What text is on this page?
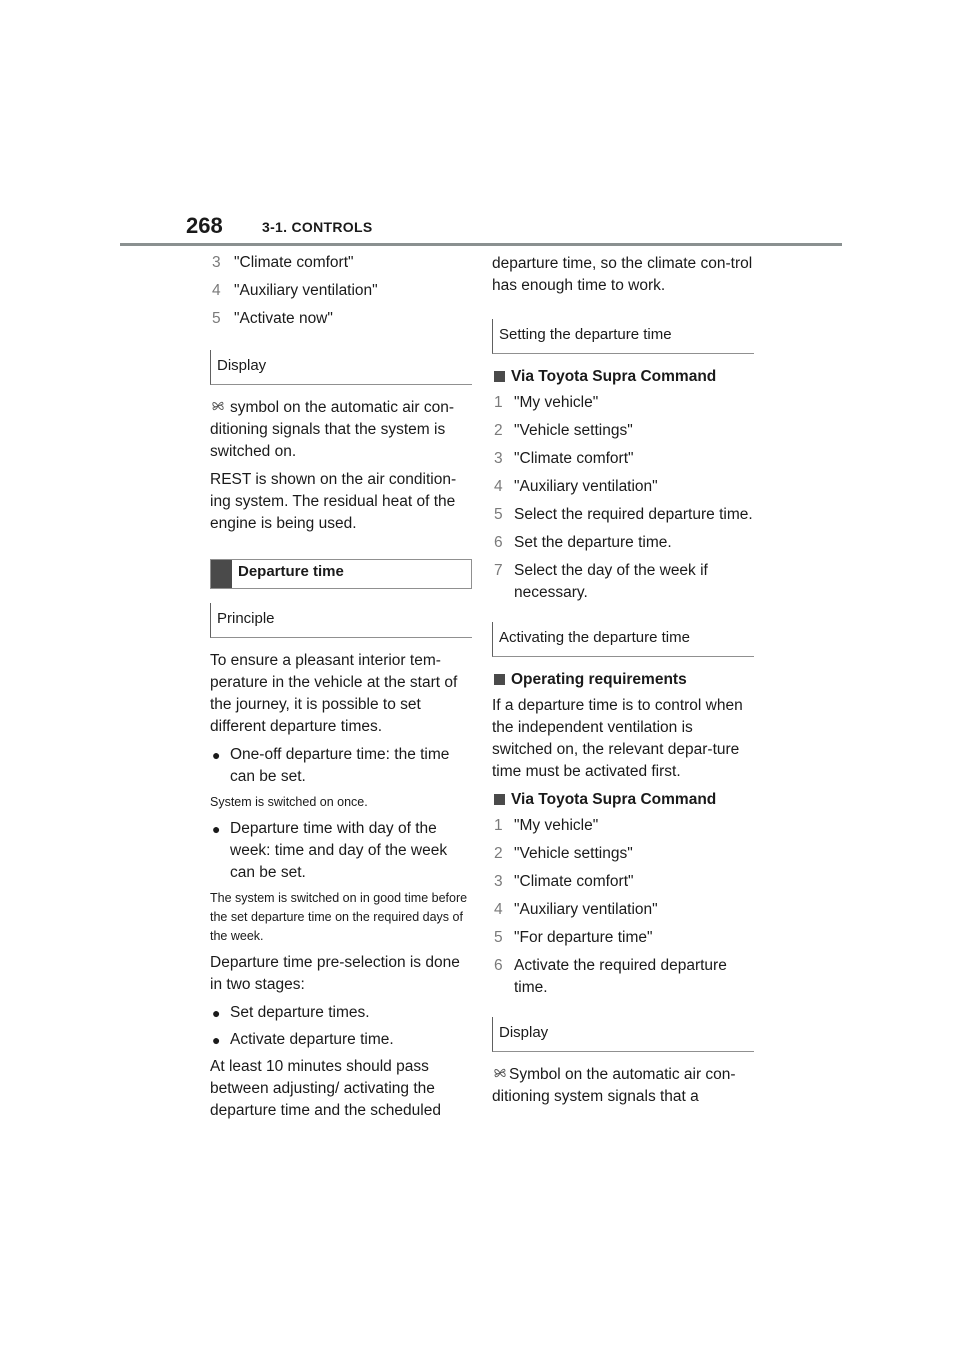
268	3-1. CONTROLS
3 "Climate comfort"
4 "Auxiliary ventilation"
5 "Activate now"
Display

symbol on the automatic air con-ditioning signals that the system is switched on.

REST is shown on the air condition-ing system. The residual heat of the engine is being used.

Departure time
Principle

To ensure a pleasant interior tem-perature in the vehicle at the start of the journey, it is possible to set different departure times.

● One-off departure time: the time can be set.

System is switched on once.

● Departure time with day of the week: time and day of the week can be set.

The system is switched on in good time before the set departure time on the required days of the week.

Departure time pre-selection is done in two stages:

● Set departure times.
● Activate departure time.

At least 10 minutes should pass between adjusting/ activating the departure time and the scheduled

departure time, so the climate con-trol has enough time to work.

Setting the departure time
Via Toyota Supra Command
1 "My vehicle"
2 "Vehicle settings"
3 "Climate comfort"
4 "Auxiliary ventilation"
5 Select the required departure time.
6 Set the departure time.
7 Select the day of the week if necessary.
Activating the departure time
Operating requirements

If a departure time is to control when the independent ventilation is switched on, the relevant depar-ture time must be activated first.

Via Toyota Supra Command
1 "My vehicle"
2 "Vehicle settings"
3 "Climate comfort"
4 "Auxiliary ventilation"
5 "For departure time"
6 Activate the required departure time.
Display

Symbol on the automatic air con-ditioning system signals that a
